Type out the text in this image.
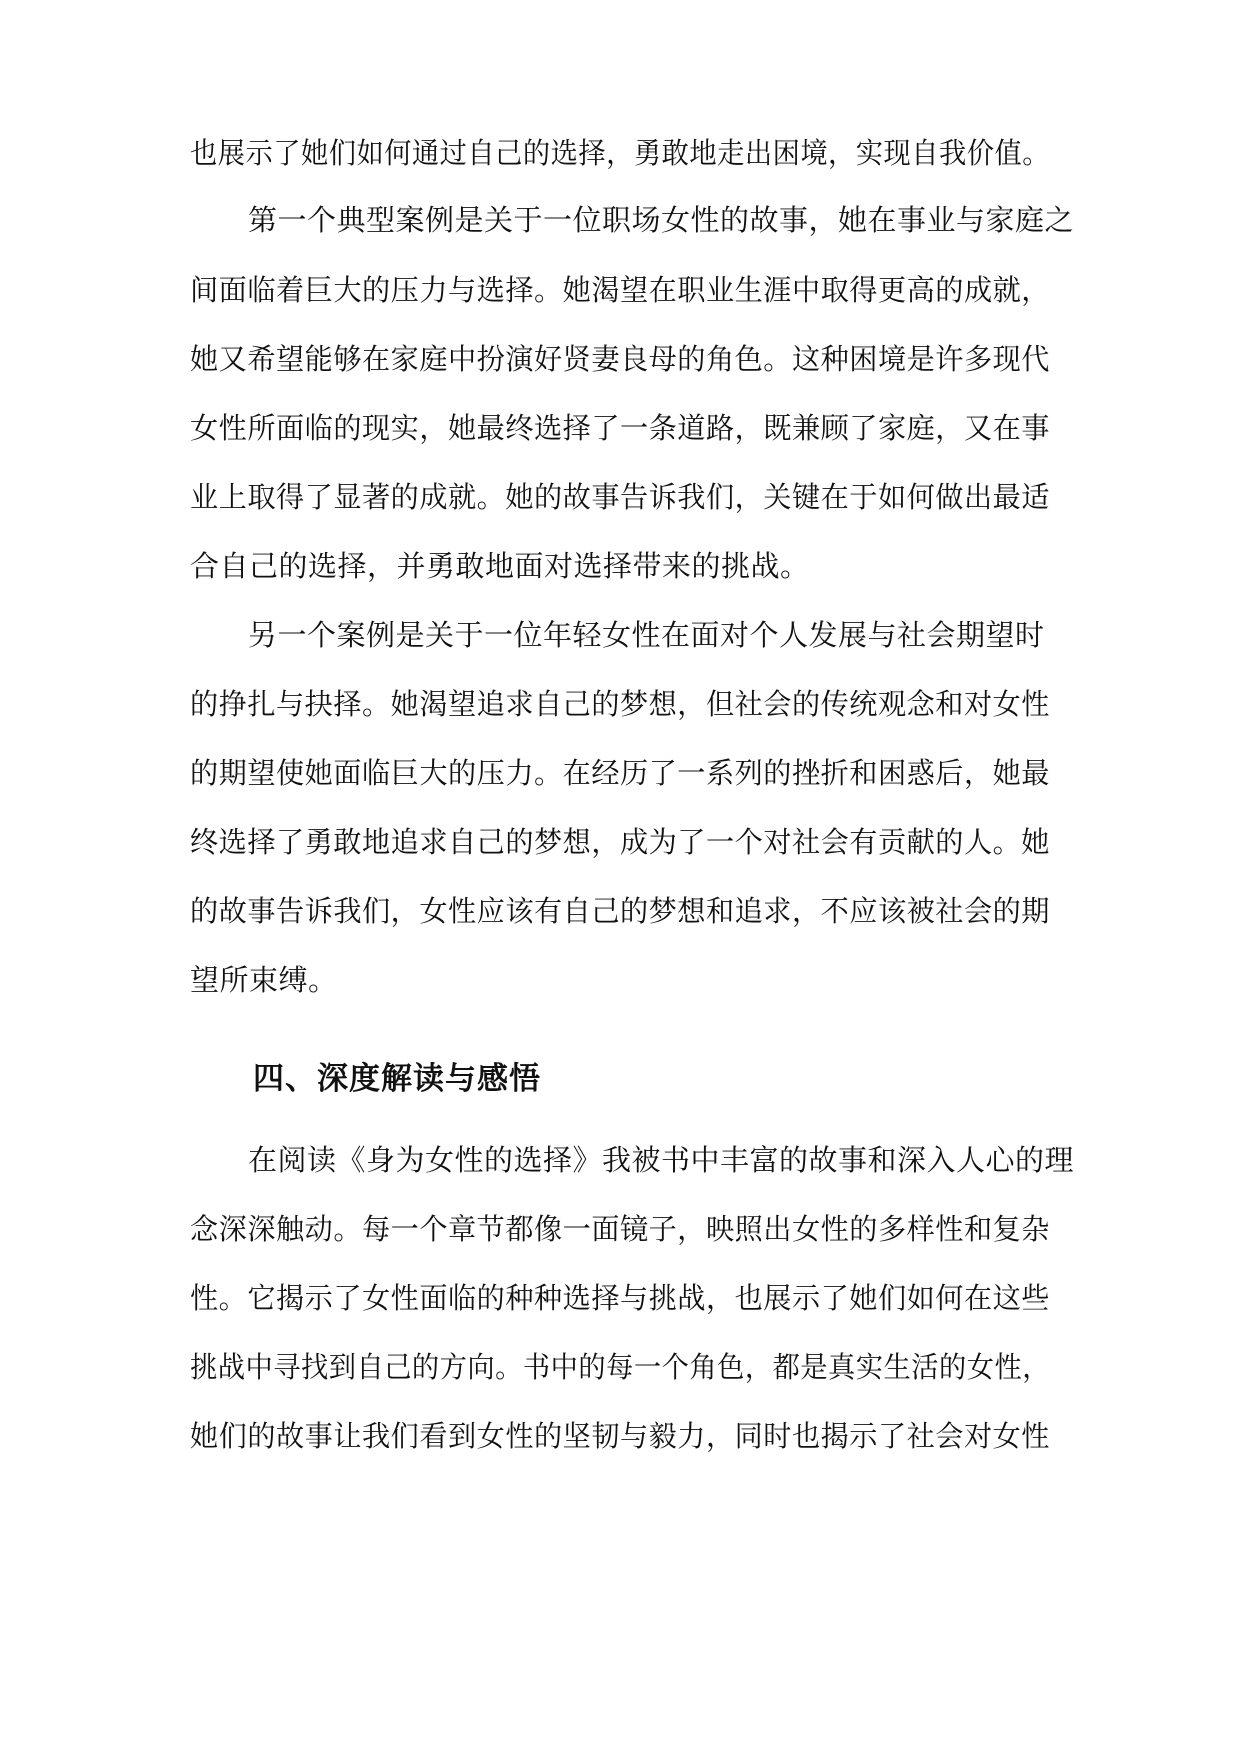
也展示了她们如何通过自己的选择，勇敢地走出困境，实现自我价值。
第一个典型案例是关于一位职场女性的故事，她在事业与家庭之
间面临着巨大的压力与选择。她渴望在职业生涯中取得更高的成就，
她又希望能够在家庭中扮演好贤妻良母的角色。这种困境是许多现代
女性所面临的现实，她最终选择了一条道路，既兼顾了家庭，又在事
业上取得了显著的成就。她的故事告诉我们，关键在于如何做出最适
合自己的选择，并勇敢地面对选择带来的挑战。
另一个案例是关于一位年轻女性在面对个人发展与社会期望时
的挣扎与抉择。她渴望追求自己的梦想，但社会的传统观念和对女性
的期望使她面临巨大的压力。在经历了一系列的挫折和困惑后，她最
终选择了勇敢地追求自己的梦想，成为了一个对社会有贡献的人。她
的故事告诉我们，女性应该有自己的梦想和追求，不应该被社会的期
望所束缚。
四、深度解读与感悟
在阅读《身为女性的选择》我被书中丰富的故事和深入人心的理
念深深触动。每一个章节都像一面镜子，映照出女性的多样性和复杂
性。它揭示了女性面临的种种选择与挑战，也展示了她们如何在这些
挑战中寻找到自己的方向。书中的每一个角色，都是真实生活的女性，
她们的故事让我们看到女性的坚韧与毅力，同时也揭示了社会对女性
